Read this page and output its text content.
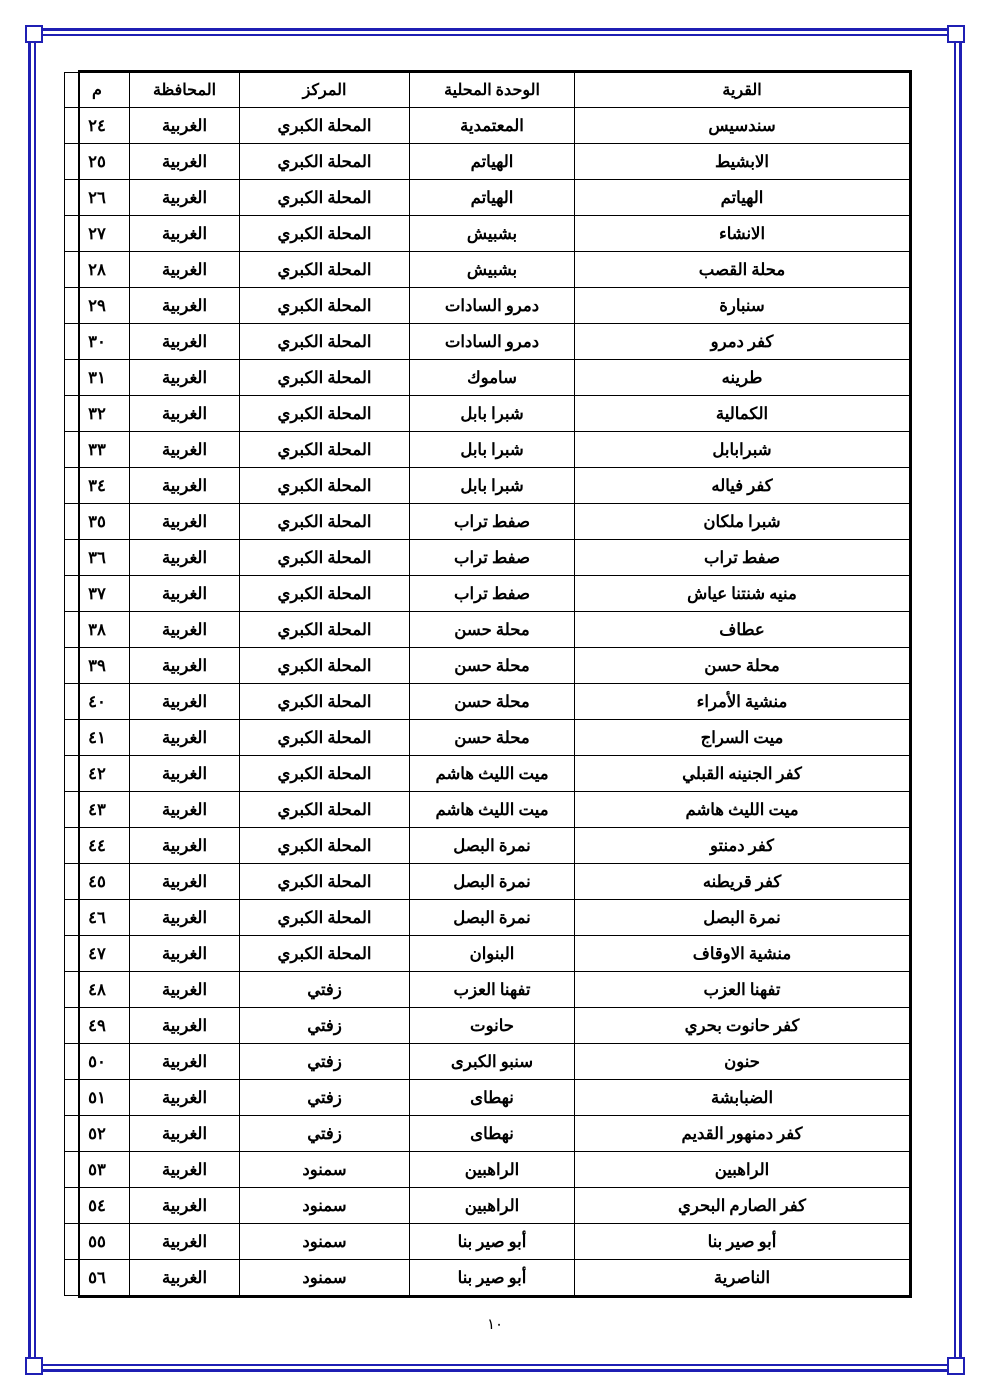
القرية	الوحدة المحلية	المركز	المحافظة	م
سندسيس	المعتمدية	المحلة الكبري	الغربية	٢٤
الابشيط	الهياتم	المحلة الكبري	الغربية	٢٥
الهياتم	الهياتم	المحلة الكبري	الغربية	٢٦
الانشاء	بشبيش	المحلة الكبري	الغربية	٢٧
محلة القصب	بشبيش	المحلة الكبري	الغربية	٢٨
سنبارة	دمرو السادات	المحلة الكبري	الغربية	٢٩
كفر دمرو	دمرو السادات	المحلة الكبري	الغربية	٣٠
طرينه	ساموك	المحلة الكبري	الغربية	٣١
الكمالية	شبرا بابل	المحلة الكبري	الغربية	٣٢
شبرابابل	شبرا بابل	المحلة الكبري	الغربية	٣٣
كفر فياله	شبرا بابل	المحلة الكبري	الغربية	٣٤
شبرا ملكان	صفط تراب	المحلة الكبري	الغربية	٣٥
صفط تراب	صفط تراب	المحلة الكبري	الغربية	٣٦
منيه شنتنا عياش	صفط تراب	المحلة الكبري	الغربية	٣٧
عطاف	محلة حسن	المحلة الكبري	الغربية	٣٨
محلة حسن	محلة حسن	المحلة الكبري	الغربية	٣٩
منشية الأمراء	محلة حسن	المحلة الكبري	الغربية	٤٠
ميت السراج	محلة حسن	المحلة الكبري	الغربية	٤١
كفر الجنينه القبلي	ميت الليث هاشم	المحلة الكبري	الغربية	٤٢
ميت الليث هاشم	ميت الليث هاشم	المحلة الكبري	الغربية	٤٣
كفر دمنتو	نمرة البصل	المحلة الكبري	الغربية	٤٤
كفر قريطنه	نمرة البصل	المحلة الكبري	الغربية	٤٥
نمرة البصل	نمرة البصل	المحلة الكبري	الغربية	٤٦
منشية الاوقاف	البنوان	المحلة الكبري	الغربية	٤٧
تفهنا العزب	تفهنا العزب	زفتي	الغربية	٤٨
كفر حانوت بحري	حانوت	زفتي	الغربية	٤٩
حنون	سنبو الكبرى	زفتي	الغربية	٥٠
الضبابشة	نهطاى	زفتي	الغربية	٥١
كفر دمنهور القديم	نهطاى	زفتي	الغربية	٥٢
الراهبين	الراهبين	سمنود	الغربية	٥٣
كفر الصارم البحري	الراهبين	سمنود	الغربية	٥٤
أبو صير بنا	أبو صير بنا	سمنود	الغربية	٥٥
الناصرية	أبو صير بنا	سمنود	الغربية	٥٦
١٠
